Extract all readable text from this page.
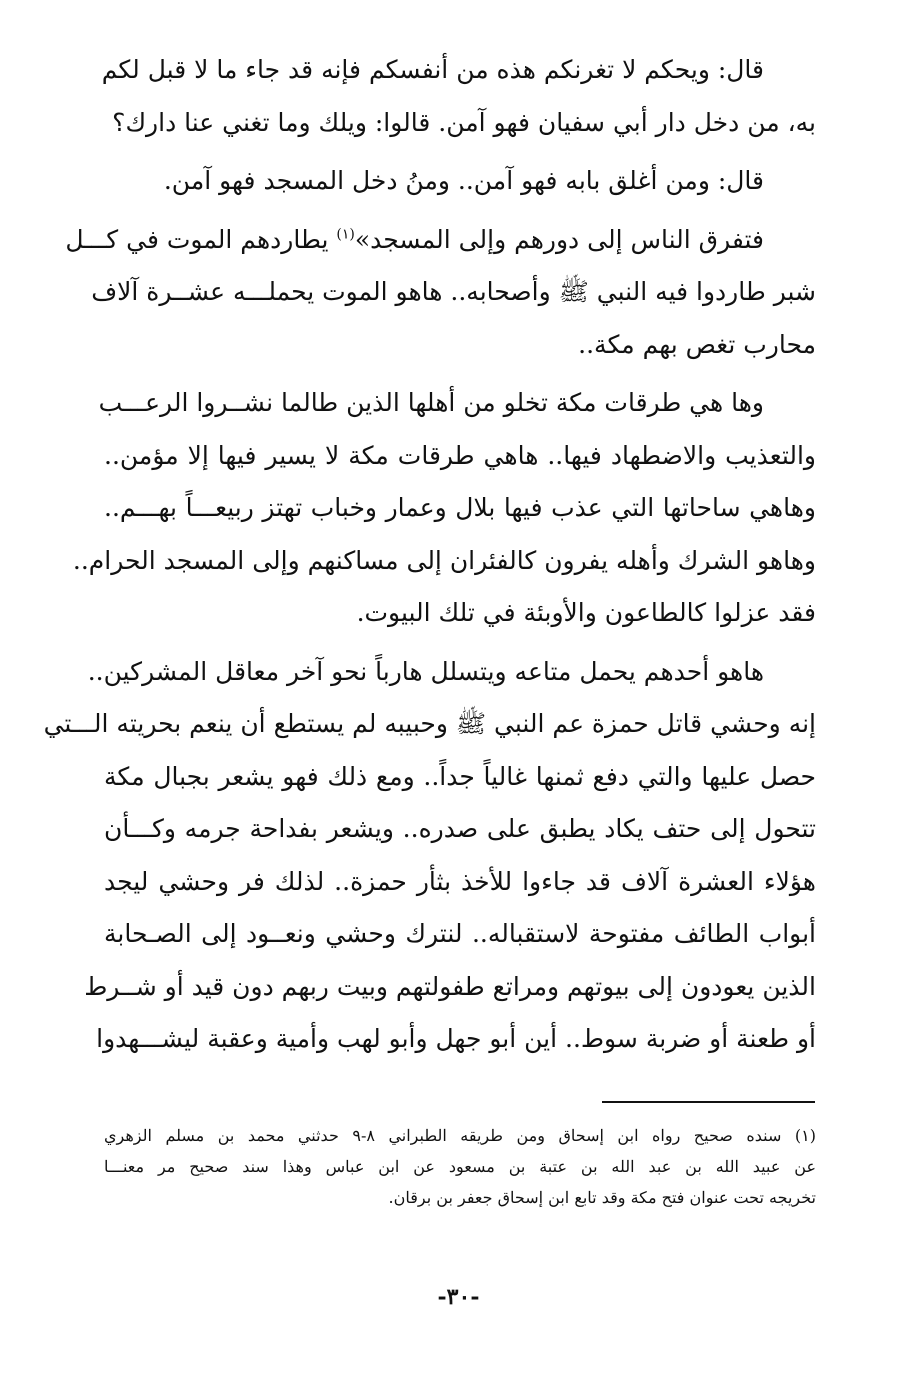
قال: ويحكم لا تغرنكم هذه من أنفسكم فإنه قد جاء ما لا قبل لكم
به، من دخل دار أبي سفيان فهو آمن. قالوا: ويلك وما تغني عنا دارك؟
قال: ومن أغلق بابه فهو آمن.. ومنُ دخل المسجد فهو آمن.
فتفرق الناس إلى دورهم وإلى المسجد»$^{(١)}$ يطاردهم الموت في كـــل
شبر طاردوا فيه النبي ﷺ وأصحابه.. هاهو الموت يحملـــه عشــرة آلاف
محارب تغص بهم مكة..
وها هي طرقات مكة تخلو من أهلها الذين طالما نشــروا الرعـــب
والتعذيب والاضطهاد فيها.. هاهي طرقات مكة لا يسير فيها إلا مؤمن..
وهاهي ساحاتها التي عذب فيها بلال وعمار وخباب تهتز ربيعـــاً بهـــم..
وهاهو الشرك وأهله يفرون كالفئران إلى مساكنهم وإلى المسجد الحرام..
فقد عزلوا كالطاعون والأوبئة في تلك البيوت.
هاهو أحدهم يحمل متاعه ويتسلل هارباً نحو آخر معاقل المشركين..
إنه وحشي قاتل حمزة عم النبي ﷺ وحبيبه لم يستطع أن ينعم بحريته الـــتي
حصل عليها والتي دفع ثمنها غالياً جداً.. ومع ذلك فهو يشعر بجبال مكة
تتحول إلى حتف يكاد يطبق على صدره.. ويشعر بفداحة جرمه وكـــأن
هؤلاء العشرة آلاف قد جاءوا للأخذ بثأر حمزة.. لذلك فر وحشي ليجد
أبواب الطائف مفتوحة لاستقباله.. لنترك وحشي ونعــود إلى الصـحابة
الذين يعودون إلى بيوتهم ومراتع طفولتهم وبيت ربهم دون قيد أو شــرط
أو طعنة أو ضربة سوط.. أين أبو جهل وأبو لهب وأمية وعقبة ليشـــهدوا
(١) سنده صحيح رواه ابن إسحاق ومن طريقه الطبراني ٨-٩ حدثني محمد بن مسلم الزهري
عن عبيد الله بن عبد الله بن عتبة بن مسعود عن ابن عباس وهذا سند صحيح مر معنـــا
تخريجه تحت عنوان فتح مكة وقد تابع ابن إسحاق جعفر بن برقان.
-٣٠-
